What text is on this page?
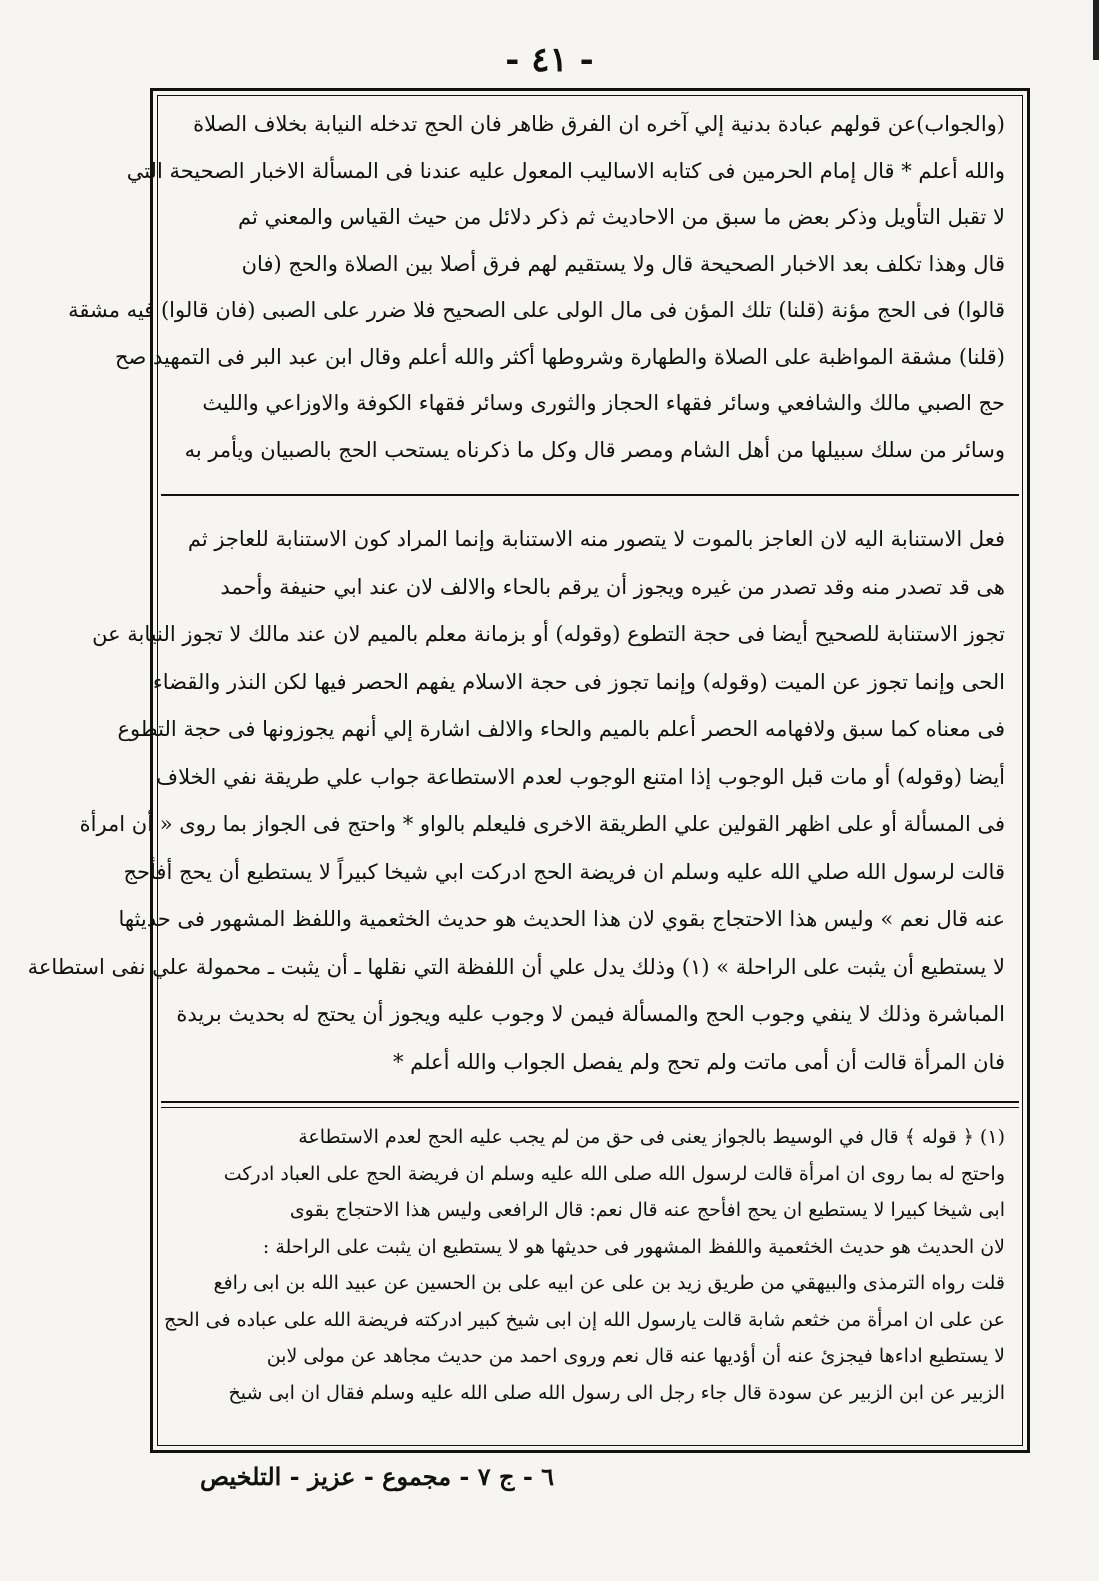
- ٤١ -

(والجواب)عن قولهم عبادة بدنية إلي آخره ان الفرق ظاهر فان الحج تدخله النيابة بخلاف الصلاة

والله أعلم * قال إمام الحرمين فى كتابه الاساليب المعول عليه عندنا فى المسألة الاخبار الصحيحة التي

لا تقبل التأويل وذكر بعض ما سبق من الاحاديث ثم ذكر دلائل من حيث القياس والمعني ثم

قال وهذا تكلف بعد الاخبار الصحيحة قال ولا يستقيم لهم فرق أصلا بين الصلاة والحج (فان

قالوا) فى الحج مؤنة (قلنا) تلك المؤن فى مال الولى على الصحيح فلا ضرر على الصبى (فان قالوا) فيه مشقة

(قلنا) مشقة المواظبة على الصلاة والطهارة وشروطها أكثر والله أعلم وقال ابن عبد البر فى التمهيد صح

حج الصبي مالك والشافعي وسائر فقهاء الحجاز والثورى وسائر فقهاء الكوفة والاوزاعي والليث

وسائر من سلك سبيلها من أهل الشام ومصر قال وكل ما ذكرناه يستحب الحج بالصبيان ويأمر به

فعل الاستنابة اليه لان العاجز بالموت لا يتصور منه الاستنابة وإنما المراد كون الاستنابة للعاجز ثم

هى قد تصدر منه وقد تصدر من غيره ويجوز أن يرقم بالحاء والالف لان عند ابي حنيفة وأحمد

تجوز الاستنابة للصحيح أيضا فى حجة التطوع (وقوله) أو بزمانة معلم بالميم لان عند مالك لا تجوز النيابة عن

الحى وإنما تجوز عن الميت (وقوله) وإنما تجوز فى حجة الاسلام يفهم الحصر فيها لكن النذر والقضاء

فى معناه كما سبق ولافهامه الحصر أعلم بالميم والحاء والالف اشارة إلي أنهم يجوزونها فى حجة التطوع

أيضا (وقوله) أو مات قبل الوجوب إذا امتنع الوجوب لعدم الاستطاعة جواب علي طريقة نفي الخلاف

فى المسألة أو على اظهر القولين علي الطريقة الاخرى فليعلم بالواو * واحتج فى الجواز بما روى « أن امرأة

قالت لرسول الله صلي الله عليه وسلم ان فريضة الحج ادركت ابي شيخا كبيراً لا يستطيع أن يحج أفأحج

عنه قال نعم » وليس هذا الاحتجاج بقوي لان هذا الحديث هو حديث الخثعمية واللفظ المشهور فى حديثها

لا يستطيع أن يثبت على الراحلة » (١) وذلك يدل علي أن اللفظة التي نقلها ـ أن يثبت ـ محمولة علي نفى استطاعة

المباشرة وذلك لا ينفي وجوب الحج والمسألة فيمن لا وجوب عليه ويجوز أن يحتج له بحديث بريدة

فان المرأة قالت أن أمى ماتت ولم تحج ولم يفصل الجواب والله أعلم *

(١) ﴿ قوله ﴾ قال في الوسيط بالجواز يعنى فى حق من لم يجب عليه الحج لعدم الاستطاعة

واحتج له بما روى ان امرأة قالت لرسول الله صلى الله عليه وسلم ان فريضة الحج على العباد ادركت

ابى شيخا كبيرا لا يستطيع ان يحج افأحج عنه قال نعم: قال الرافعى وليس هذا الاحتجاج بقوى

لان الحديث هو حديث الخثعمية واللفظ المشهور فى حديثها هو لا يستطيع ان يثبت على الراحلة :

قلت رواه الترمذى والبيهقي من طريق زيد بن على عن ابيه على بن الحسين عن عبيد الله بن ابى رافع

عن على ان امرأة من خثعم شابة قالت يارسول الله إن ابى شيخ كبير ادركته فريضة الله على عباده فى الحج

لا يستطيع اداءها فيجزئ عنه أن أؤديها عنه قال نعم وروى احمد من حديث مجاهد عن مولى لابن

الزبير عن ابن الزبير عن سودة قال جاء رجل الى رسول الله صلى الله عليه وسلم فقال ان ابى شيخ

٦ - ج ٧ - مجموع - عزيز - التلخيص
